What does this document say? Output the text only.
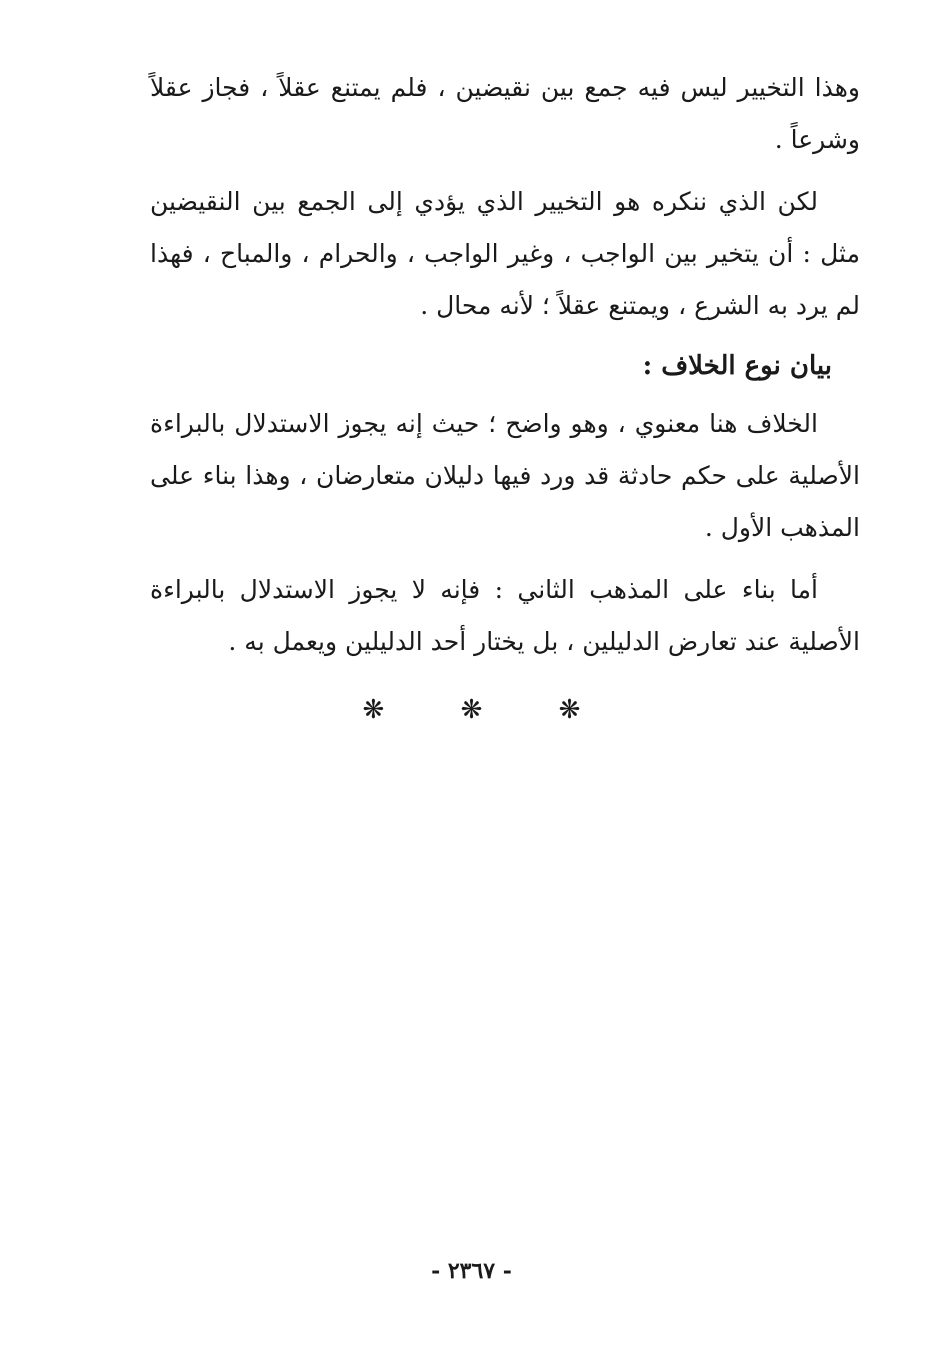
وهذا التخيير ليس فيه جمع بين نقيضين ، فلم يمتنع عقلاً ، فجاز عقلاً وشرعاً .

لكن الذي ننكره هو التخيير الذي يؤدي إلى الجمع بين النقيضين مثل : أن يتخير بين الواجب ، وغير الواجب ، والحرام ، والمباح ، فهذا لم يرد به الشرع ، ويمتنع عقلاً ؛ لأنه محال .

بيان نوع الخلاف :

الخلاف هنا معنوي ، وهو واضح ؛ حيث إنه يجوز الاستدلال بالبراءة الأصلية على حكم حادثة قد ورد فيها دليلان متعارضان ، وهذا بناء على المذهب الأول .

أما بناء على المذهب الثاني : فإنه لا يجوز الاستدلال بالبراءة الأصلية عند تعارض الدليلين ، بل يختار أحد الدليلين ويعمل به .

❋	❋	❋
- ٢٣٦٧ -
